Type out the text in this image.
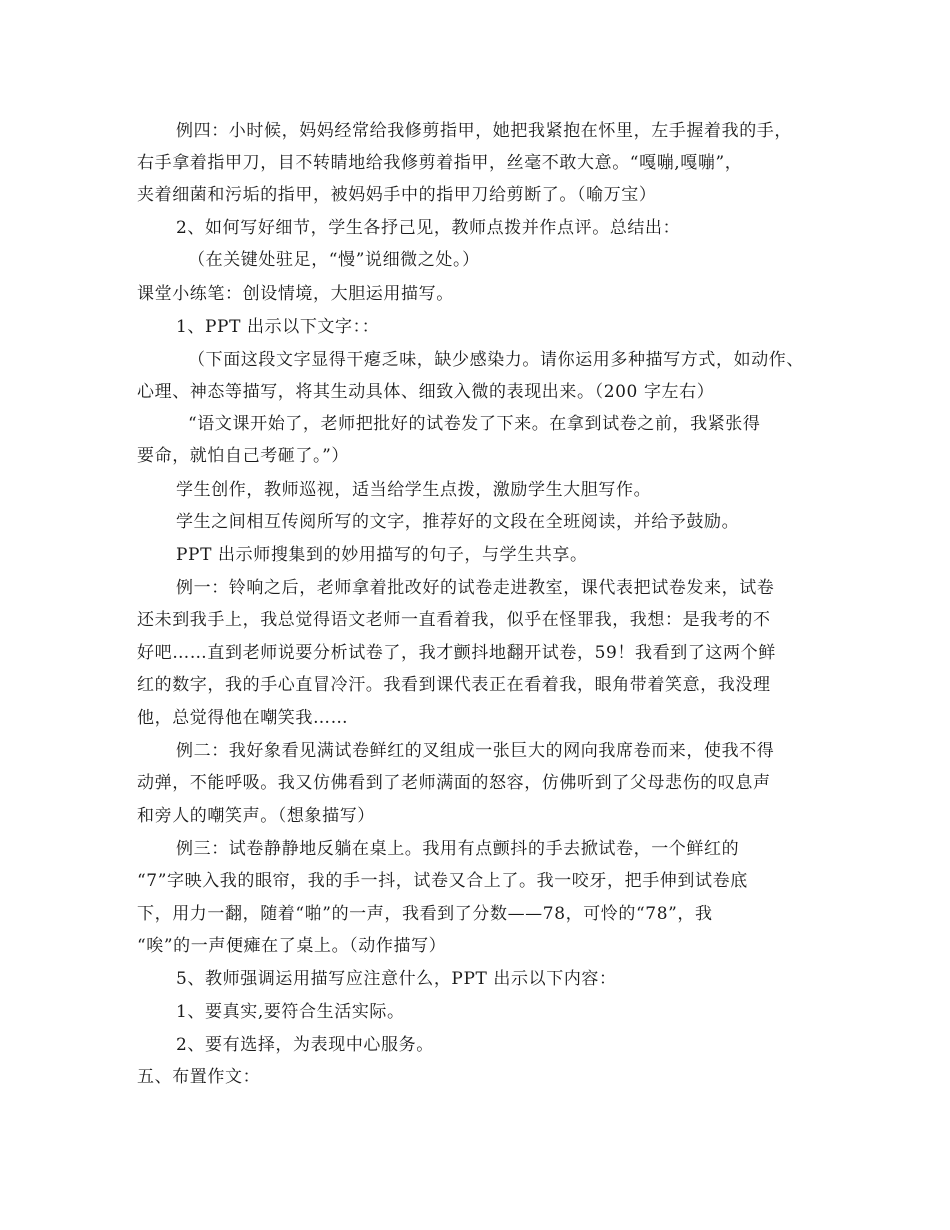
例四：小时候，妈妈经常给我修剪指甲，她把我紧抱在怀里，左手握着我的手，
右手拿着指甲刀，目不转睛地给我修剪着指甲，丝毫不敢大意。“嘎嘣,嘎嘣”，
夹着细菌和污垢的指甲，被妈妈手中的指甲刀给剪断了。（喻万宝）
2、如何写好细节，学生各抒己见，教师点拨并作点评。总结出：
（在关键处驻足，“慢”说细微之处。）
课堂小练笔：创设情境，大胆运用描写。
1、PPT 出示以下文字：：
（下面这段文字显得干瘪乏味，缺少感染力。请你运用多种描写方式，如动作、
心理、神态等描写，将其生动具体、细致入微的表现出来。（200 字左右）
“语文课开始了，老师把批好的试卷发了下来。在拿到试卷之前，我紧张得
要命，就怕自己考砸了。”）
学生创作，教师巡视，适当给学生点拨，激励学生大胆写作。
学生之间相互传阅所写的文字，推荐好的文段在全班阅读，并给予鼓励。
PPT 出示师搜集到的妙用描写的句子，与学生共享。
例一：铃响之后，老师拿着批改好的试卷走进教室，课代表把试卷发来，试卷
还未到我手上，我总觉得语文老师一直看着我，似乎在怪罪我，我想：是我考的不
好吧……直到老师说要分析试卷了，我才颤抖地翻开试卷，59！我看到了这两个鲜
红的数字，我的手心直冒冷汗。我看到课代表正在看着我，眼角带着笑意，我没理
他，总觉得他在嘲笑我……
例二：我好象看见满试卷鲜红的叉组成一张巨大的网向我席卷而来，使我不得
动弹，不能呼吸。我又仿佛看到了老师满面的怒容，仿佛听到了父母悲伤的叹息声
和旁人的嘲笑声。（想象描写）
例三：试卷静静地反躺在桌上。我用有点颤抖的手去掀试卷，一个鲜红的
“7”字映入我的眼帘，我的手一抖，试卷又合上了。我一咬牙，把手伸到试卷底
下，用力一翻，随着“啪”的一声，我看到了分数——78，可怜的“78”，我
“唉”的一声便瘫在了桌上。（动作描写）
5、教师强调运用描写应注意什么，PPT 出示以下内容：
1、要真实,要符合生活实际。
2、要有选择，为表现中心服务。
五、布置作文：
